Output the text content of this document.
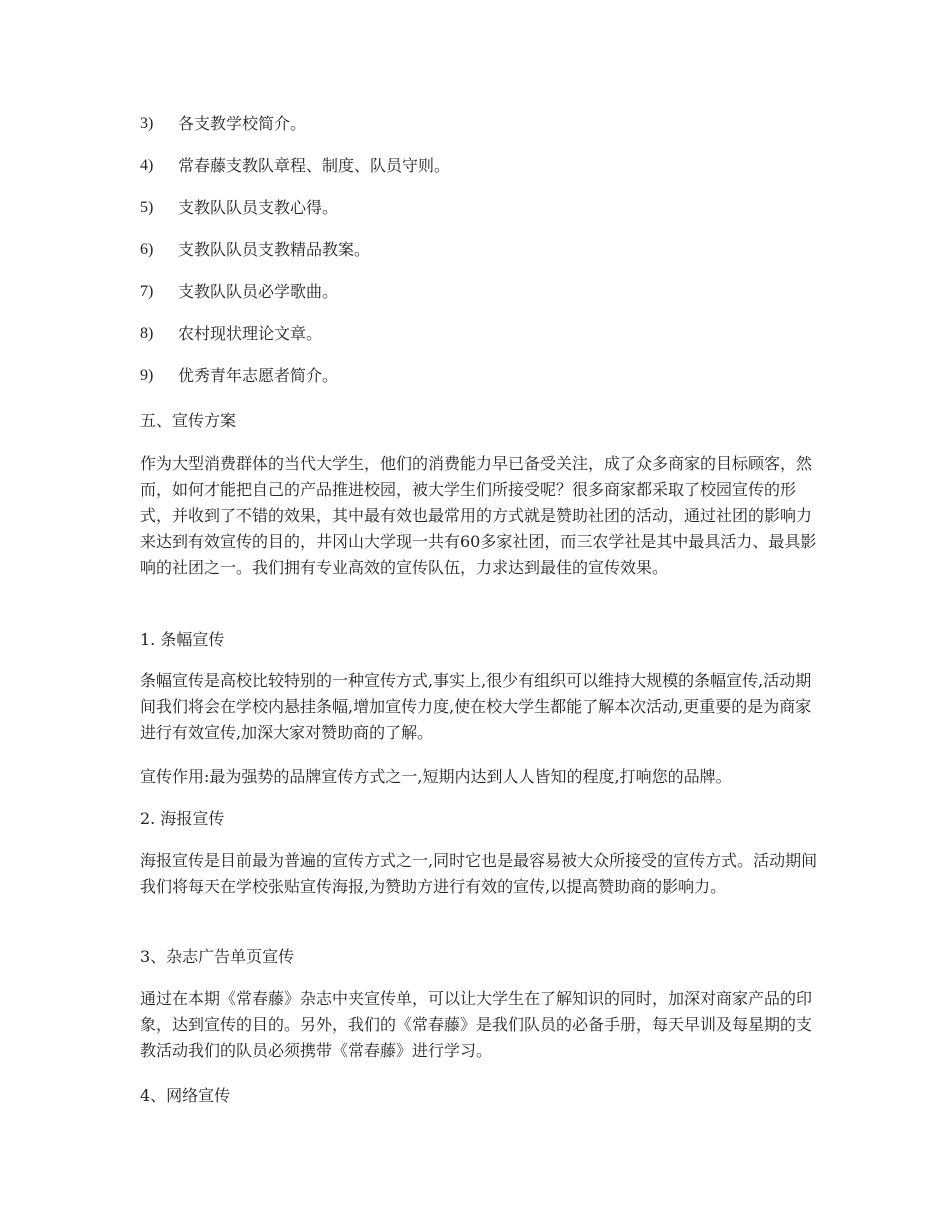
3)	各支教学校简介。
4)	常春藤支教队章程、制度、队员守则。
5)	支教队队员支教心得。
6)	支教队队员支教精品教案。
7)	支教队队员必学歌曲。
8)	农村现状理论文章。
9)	优秀青年志愿者简介。

五、宣传方案

作为大型消费群体的当代大学生，他们的消费能力早已备受关注，成了众多商家的目标顾客，然而，如何才能把自己的产品推进校园，被大学生们所接受呢？很多商家都采取了校园宣传的形式，并收到了不错的效果，其中最有效也最常用的方式就是赞助社团的活动，通过社团的影响力来达到有效宣传的目的，井冈山大学现一共有60多家社团，而三农学社是其中最具活力、最具影响的社团之一。我们拥有专业高效的宣传队伍，力求达到最佳的宣传效果。

1. 条幅宣传

条幅宣传是高校比较特别的一种宣传方式,事实上,很少有组织可以维持大规模的条幅宣传,活动期间我们将会在学校内悬挂条幅,增加宣传力度,使在校大学生都能了解本次活动,更重要的是为商家进行有效宣传,加深大家对赞助商的了解。

宣传作用:最为强势的品牌宣传方式之一,短期内达到人人皆知的程度,打响您的品牌。

2. 海报宣传

海报宣传是目前最为普遍的宣传方式之一,同时它也是最容易被大众所接受的宣传方式。活动期间我们将每天在学校张贴宣传海报,为赞助方进行有效的宣传,以提高赞助商的影响力。

3、杂志广告单页宣传

通过在本期《常春藤》杂志中夹宣传单，可以让大学生在了解知识的同时，加深对商家产品的印象，达到宣传的目的。另外，我们的《常春藤》是我们队员的必备手册，每天早训及每星期的支教活动我们的队员必须携带《常春藤》进行学习。

4、网络宣传
